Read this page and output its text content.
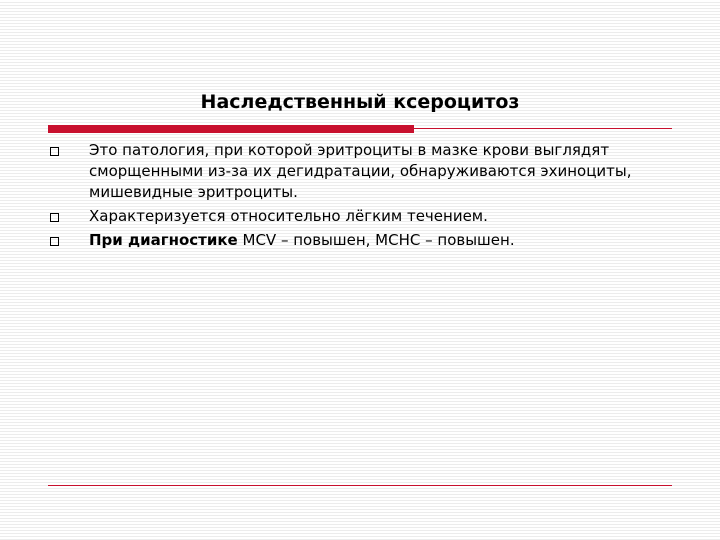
Наследственный ксероцитоз
Это патология, при которой эритроциты в мазке крови выглядят сморщенными из-за их дегидратации, обнаруживаются эхиноциты, мишевидные эритроциты.
Характеризуется относительно лёгким течением.
При диагностике MCV – повышен, МСНС – повышен.
